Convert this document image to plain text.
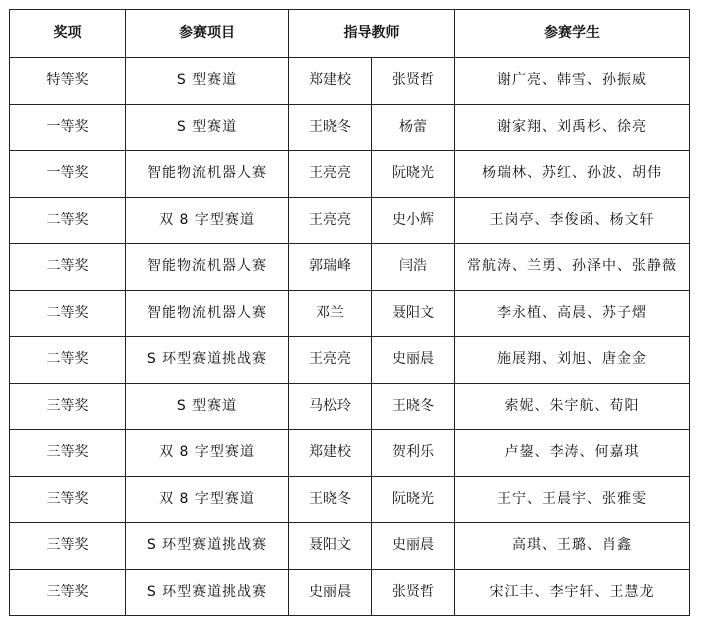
奖项	参赛项目	指导教师		参赛学生
特等奖	S 型赛道	郑建校	张贤哲	谢广亮、韩雪、孙振威
一等奖	S 型赛道	王晓冬	杨蕾	谢家翔、刘禹杉、徐亮
一等奖	智能物流机器人赛	王亮亮	阮晓光	杨瑞林、苏红、孙波、胡伟
二等奖	双 8 字型赛道	王亮亮	史小辉	王岗亭、李俊函、杨文轩
二等奖	智能物流机器人赛	郭瑞峰	闫浩	常航涛、兰勇、孙泽中、张静薇
二等奖	智能物流机器人赛	邓兰	聂阳文	李永植、高晨、苏子熠
二等奖	S 环型赛道挑战赛	王亮亮	史丽晨	施展翔、刘旭、唐金金
三等奖	S 型赛道	马松玲	王晓冬	索妮、朱宇航、荀阳
三等奖	双 8 字型赛道	郑建校	贺利乐	卢鋆、李涛、何嘉琪
三等奖	双 8 字型赛道	王晓冬	阮晓光	王宁、王晨宇、张雅雯
三等奖	S 环型赛道挑战赛	聂阳文	史丽晨	高琪、王璐、肖鑫
三等奖	S 环型赛道挑战赛	史丽晨	张贤哲	宋江丰、李宇轩、王慧龙
